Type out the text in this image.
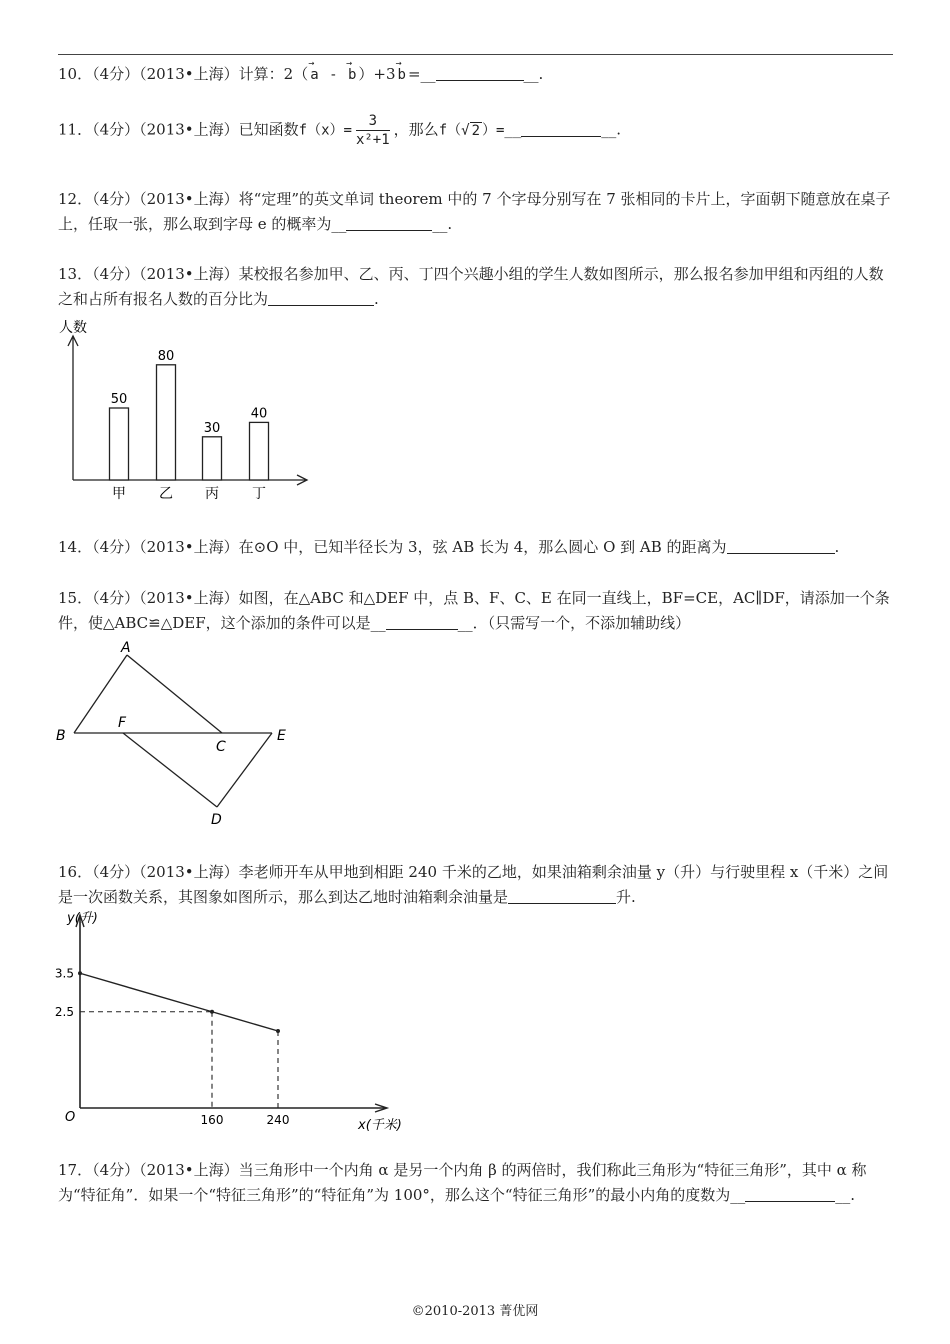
10．（4分）（2013•上海）计算：2（ → a - → b ）+3 → b =__	__.
11．（4分）（2013•上海）已知函数$f(x)= \frac{3}{\text{x²+1}}$ ，那么f（√ 2 ）=__	__.
12．（4分）（2013•上海）将“定理”的英文单词 theorem 中的 7 个字母分别写在 7 张相同的卡片上，字面朝下随意放在桌子上，任取一张，那么取到字母 e 的概率为__	__.
13．（4分）（2013•上海）某校报名参加甲、乙、丙、丁四个兴趣小组的学生人数如图所示，那么报名参加甲组和丙组的人数之和占所有报名人数的百分比为	.
人数
50
甲
80
乙
30
丙
40
丁
14．（4分）（2013•上海）在⊙O 中，已知半径长为 3，弦 AB 长为 4，那么圆心 O 到 AB 的距离为	.
15．（4分）（2013•上海）如图，在△ABC 和△DEF 中，点 B、F、C、E 在同一直线上，BF=CE，AC∥DF，请添加一个条件，使△ABC≌△DEF，这个添加的条件可以是__	__．（只需写一个，不添加辅助线）
A
B
F
C
E
D
16．（4分）（2013•上海）李老师开车从甲地到相距 240 千米的乙地，如果油箱剩余油量 y（升）与行驶里程 x（千米）之间是一次函数关系，其图象如图所示，那么到达乙地时油箱剩余油量是	升.
y(升)
O
x(千米)
3.5
2.5
160	240
17．（4分）（2013•上海）当三角形中一个内角 α 是另一个内角 β 的两倍时，我们称此三角形为“特征三角形”，其中 α 称为“特征角”．如果一个“特征三角形”的“特征角”为 100°，那么这个“特征三角形”的最小内角的度数为__	__.
©2010-2013 菁优网
